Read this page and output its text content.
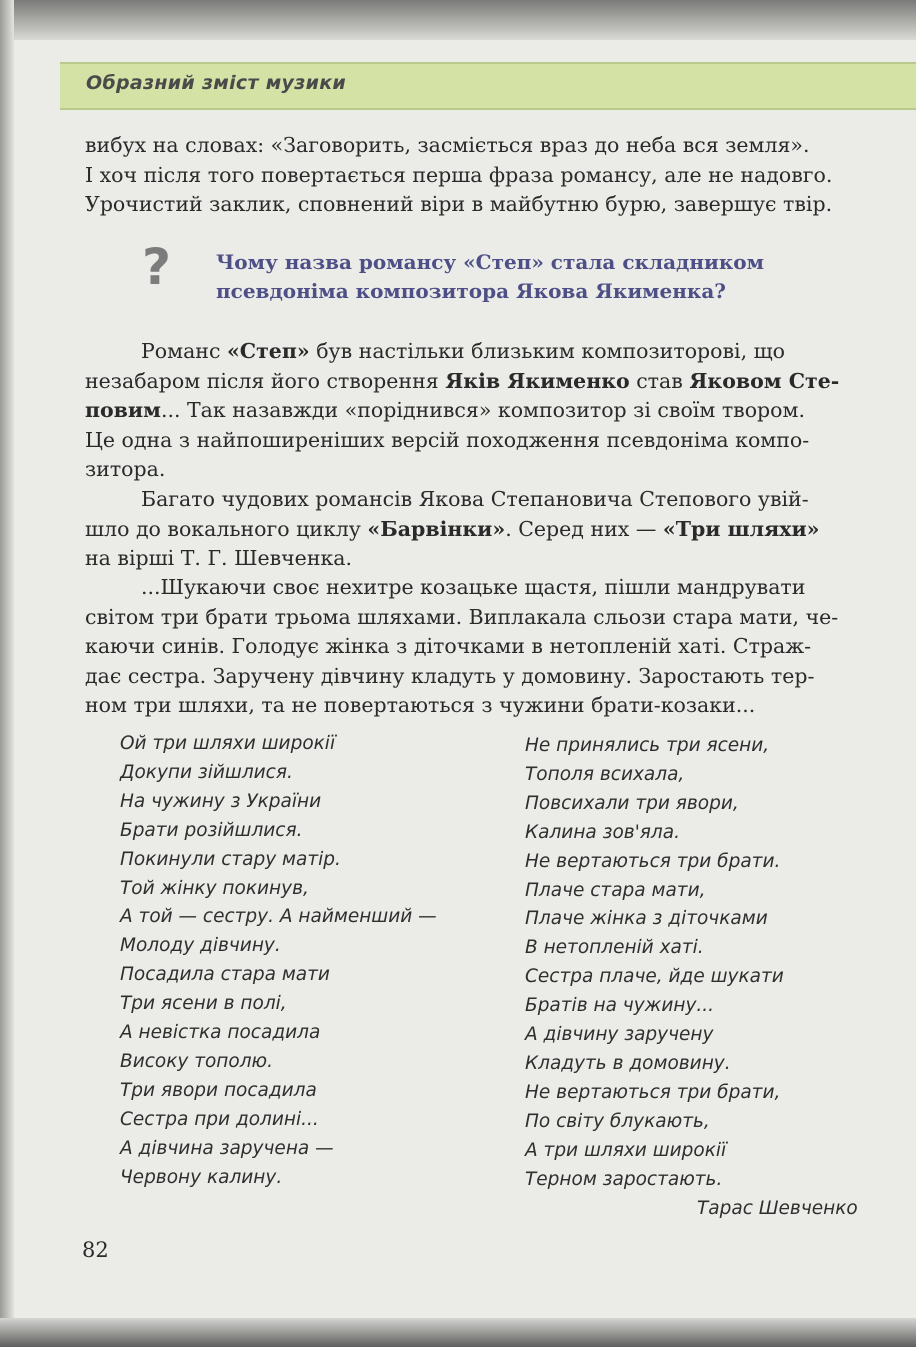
Образний зміст музики
вибух на словах: «Заговорить, засміється враз до неба вся земля».
І хоч після того повертається перша фраза романсу, але не надовго.
Урочистий заклик, сповнений віри в майбутню бурю, завершує твір.
? Чому назва романсу «Степ» стала складником
псевдоніма композитора Якова Якименка?
Романс «Степ» був настільки близьким композиторові, що
незабаром після його створення Яків Якименко став Яковом Сте-
повим... Так назавжди «поріднився» композитор зі своїм твором.
Це одна з найпоширеніших версій походження псевдоніма компо-
зитора.
Багато чудових романсів Якова Степановича Степового увій-
шло до вокального циклу «Барвінки». Серед них — «Три шляхи»
на вірші Т. Г. Шевченка.
...Шукаючи своє нехитре козацьке щастя, пішли мандрувати
світом три брати трьома шляхами. Виплакала сльози стара мати, че-
каючи синів. Голодує жінка з діточками в нетопленій хаті. Страж-
дає сестра. Заручену дівчину кладуть у домовину. Заростають тер-
ном три шляхи, та не повертаються з чужини брати-козаки...
Ой три шляхи широкії
Докупи зійшлися.
На чужину з України
Брати розійшлися.
Покинули стару матір.
Той жінку покинув,
А той — сестру. А найменший —
Молоду дівчину.
Посадила стара мати
Три ясени в полі,
А невістка посадила
Високу тополю.
Три явори посадила
Сестра при долині...
А дівчина заручена —
Червону калину.
Не принялись три ясени,
Тополя всихала,
Повсихали три явори,
Калина зов'яла.
Не вертаються три брати.
Плаче стара мати,
Плаче жінка з діточками
В нетопленій хаті.
Сестра плаче, йде шукати
Братів на чужину...
А дівчину заручену
Кладуть в домовину.
Не вертаються три брати,
По світу блукають,
А три шляхи широкії
Терном заростають.
Тарас Шевченко
82
